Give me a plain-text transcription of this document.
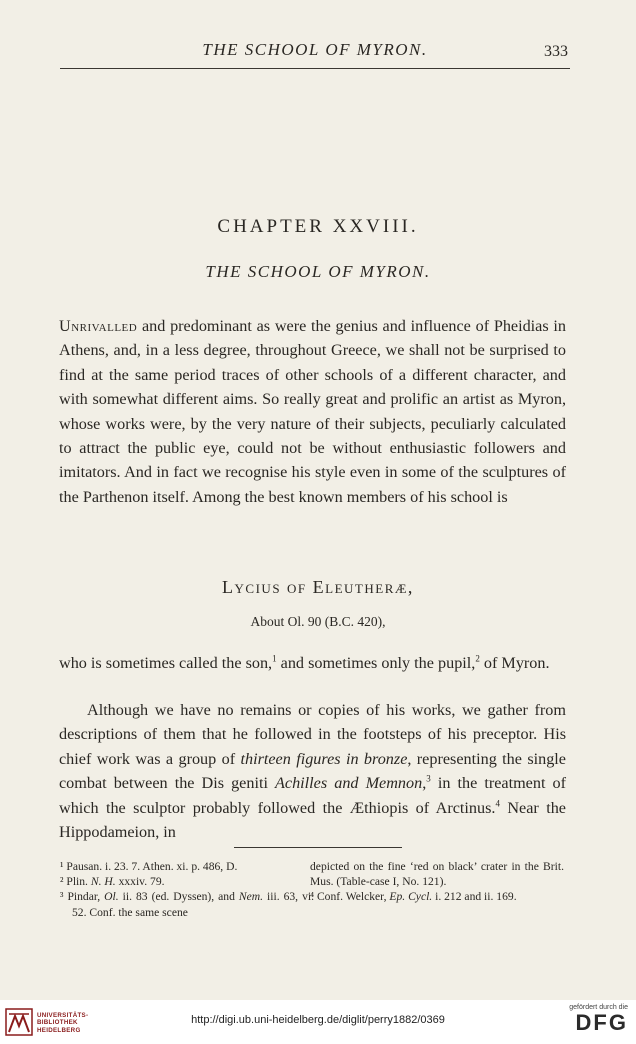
THE SCHOOL OF MYRON.	333
CHAPTER XXVIII.
THE SCHOOL OF MYRON.

Unrivalled and predominant as were the genius and influence of Pheidias in Athens, and, in a less degree, throughout Greece, we shall not be surprised to find at the same period traces of other schools of a different character, and with somewhat different aims. So really great and prolific an artist as Myron, whose works were, by the very nature of their subjects, peculiarly calculated to attract the public eye, could not be without enthusiastic followers and imitators. And in fact we recognise his style even in some of the sculptures of the Parthenon itself. Among the best known members of his school is

Lycius of Eleutheræ,
About Ol. 90 (B.C. 420),

who is sometimes called the son,$^1$ and sometimes only the pupil,$^2$ of Myron.

Although we have no remains or copies of his works, we gather from descriptions of them that he followed in the footsteps of his preceptor. His chief work was a group of thirteen figures in bronze, representing the single combat between the Dis geniti Achilles and Memnon,$^3$ in the treatment of which the sculptor probably followed the Æthiopis of Arctinus.$^4$ Near the Hippodameion, in

¹ Pausan. i. 23. 7. Athen. xi. p. 486, D.

² Plin. N. H. xxxiv. 79.

³ Pindar, Ol. ii. 83 (ed. Dyssen), and Nem. iii. 63, vi. 52. Conf. the same scene

depicted on the fine ‘red on black’ crater in the Brit. Mus. (Table-case I, No. 121).

⁴ Conf. Welcker, Ep. Cycl. i. 212 and ii. 169.

UNIVERSITÄTS-
BIBLIOTHEK
HEIDELBERG
http://digi.ub.uni-heidelberg.de/diglit/perry1882/0369
gefördert durch die
DFG
